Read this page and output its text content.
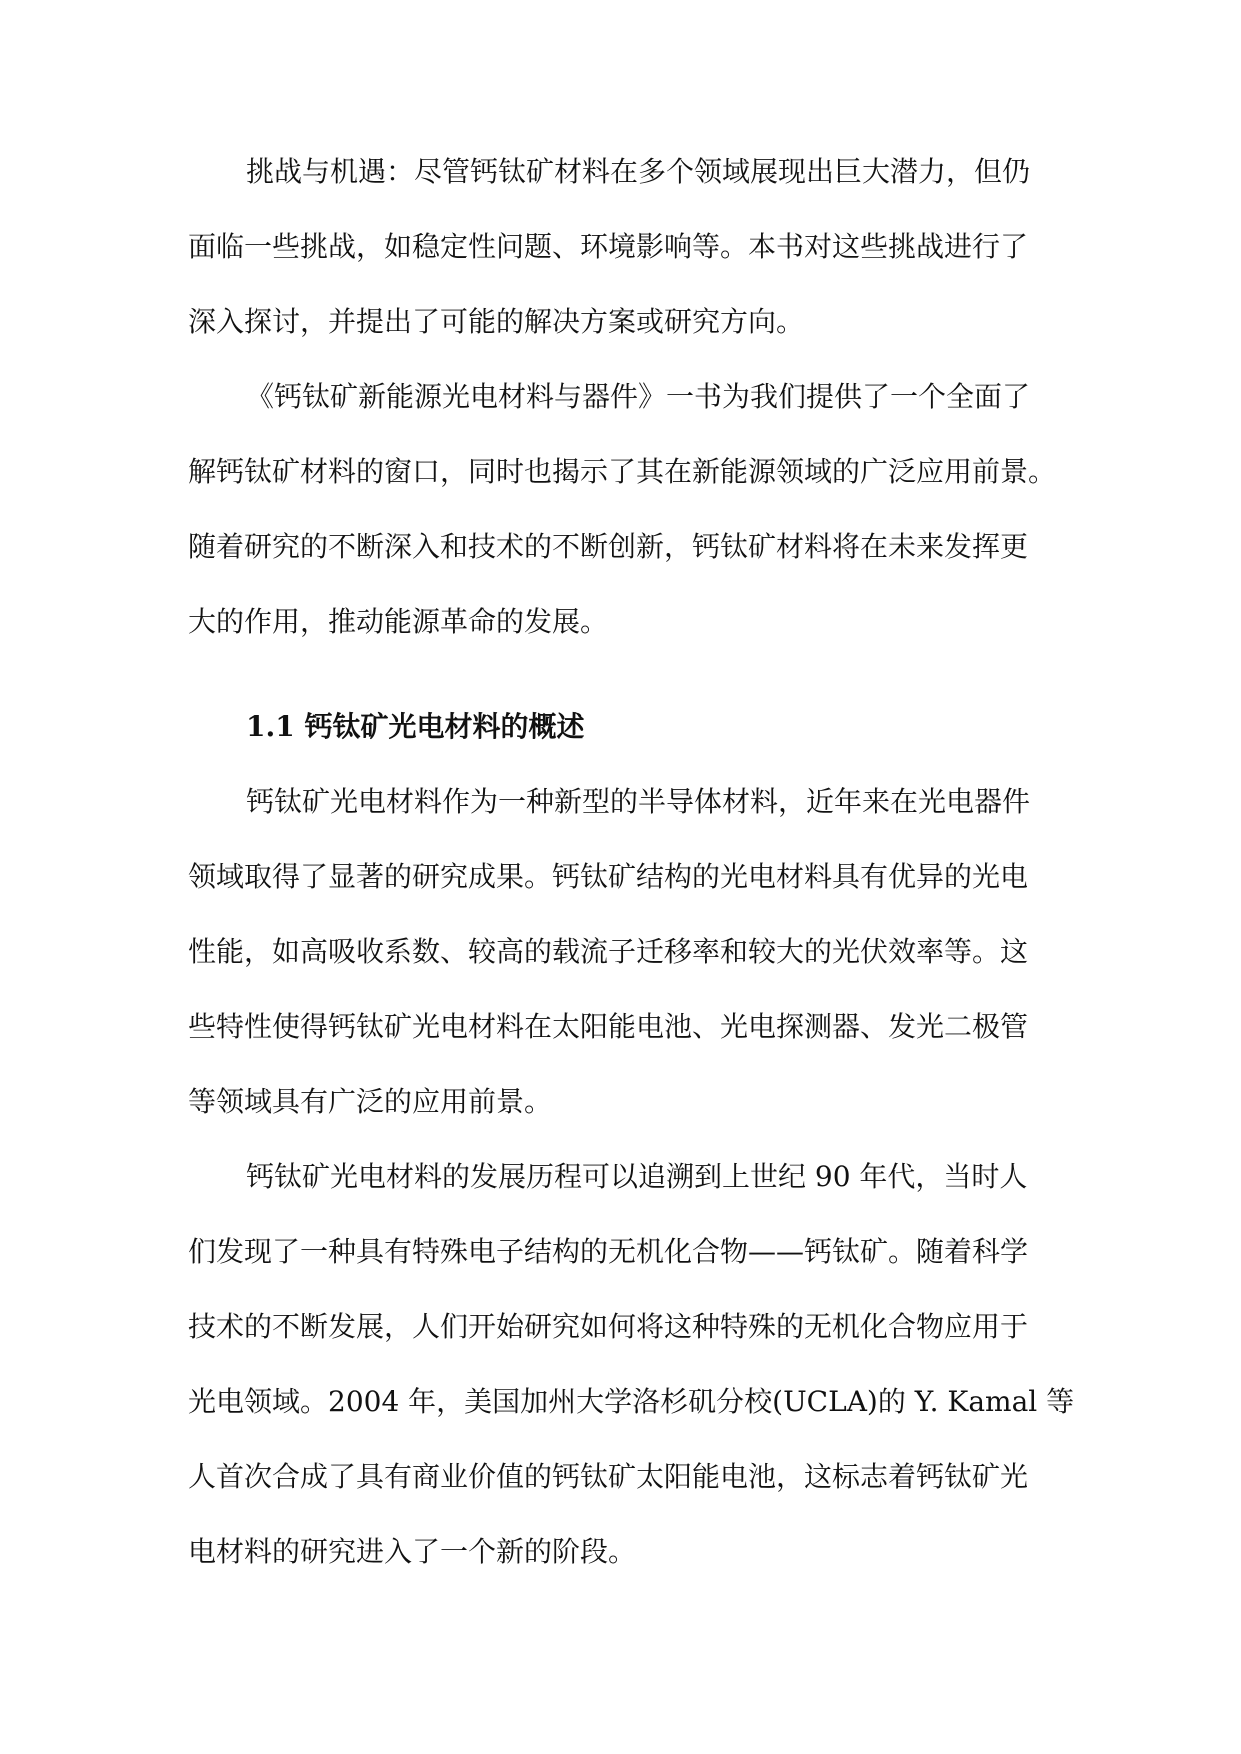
挑战与机遇：尽管钙钛矿材料在多个领域展现出巨大潜力，但仍
面临一些挑战，如稳定性问题、环境影响等。本书对这些挑战进行了
深入探讨，并提出了可能的解决方案或研究方向。
《钙钛矿新能源光电材料与器件》一书为我们提供了一个全面了
解钙钛矿材料的窗口，同时也揭示了其在新能源领域的广泛应用前景。
随着研究的不断深入和技术的不断创新，钙钛矿材料将在未来发挥更
大的作用，推动能源革命的发展。
1.1 钙钛矿光电材料的概述
钙钛矿光电材料作为一种新型的半导体材料，近年来在光电器件
领域取得了显著的研究成果。钙钛矿结构的光电材料具有优异的光电
性能，如高吸收系数、较高的载流子迁移率和较大的光伏效率等。这
些特性使得钙钛矿光电材料在太阳能电池、光电探测器、发光二极管
等领域具有广泛的应用前景。
钙钛矿光电材料的发展历程可以追溯到上世纪 90 年代，当时人
们发现了一种具有特殊电子结构的无机化合物——钙钛矿。随着科学
技术的不断发展，人们开始研究如何将这种特殊的无机化合物应用于
光电领域。2004 年，美国加州大学洛杉矶分校(UCLA)的 Y. Kamal 等
人首次合成了具有商业价值的钙钛矿太阳能电池，这标志着钙钛矿光
电材料的研究进入了一个新的阶段。
